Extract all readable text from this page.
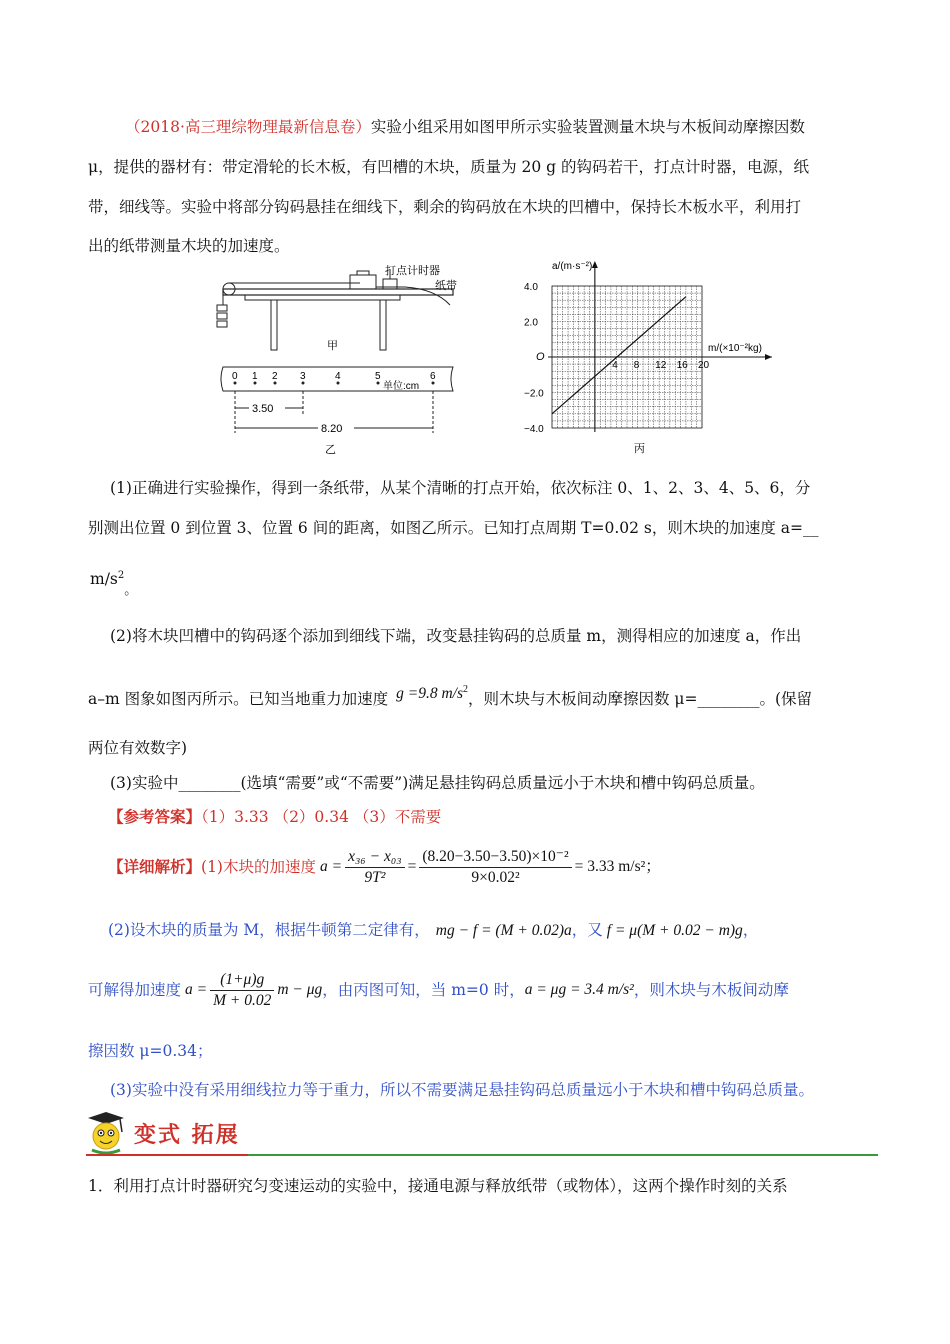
（2018·高三理综物理最新信息卷）实验小组采用如图甲所示实验装置测量木块与木板间动摩擦因数
μ，提供的器材有：带定滑轮的长木板，有凹槽的木块，质量为 20 g 的钩码若干，打点计时器，电源，纸
带，细线等。实验中将部分钩码悬挂在细线下，剩余的钩码放在木块的凹槽中，保持长木板水平，利用打
出的纸带测量木块的加速度。
打点计时器
纸带
甲
0 1 2 3	4	5	6
单位:cm
3.50
8.20
乙
a/(m·s⁻²)
m/(×10⁻²kg)
O
4 8 12 16 20
4.0
2.0
−2.0
−4.0
丙
(1)正确进行实验操作，得到一条纸带，从某个清晰的打点开始，依次标注 0、1、2、3、4、5、6，分
别测出位置 0 到位置 3、位置 6 间的距离，如图乙所示。已知打点周期 T=0.02 s，则木块的加速度 a=__
$m/s^2_。$
(2)将木块凹槽中的钩码逐个添加到细线下端，改变悬挂钩码的总质量 m，测得相应的加速度 a，作出
a–m 图象如图丙所示。已知当地重力加速度 g =9.8 $m/s^2$，则木块与木板间动摩擦因数 μ=________。(保留
两位有效数字)
(3)实验中________(选填“需要”或“不需要”)满足悬挂钩码总质量远小于木块和槽中钩码总质量。
【参考答案】（1）3.33 （2）0.34 （3）不需要
【详细解析】 (1)木块的加速度 $a = \frac{\text{x₃₆ − x₀₃}}{\text{9T²}} = \frac{\text{(8.20−3.50−3.50)×10⁻²}}{\text{9×0.02²}} = 3.33$ m/s²；
(2)设木块的质量为 M，根据牛顿第二定律有， mg − f = (M + 0.02)a，又 f = μ(M + 0.02 − m)g，
可解得加速度 $a = \frac{(1+\mu)g}{M + 0.02}$ m − μg ，由丙图可知，当 m=0 时， a = μg = 3.4 m/s² ，则木块与木板间动摩
擦因数 μ=0.34；
(3)实验中没有采用细线拉力等于重力，所以不需要满足悬挂钩码总质量远小于木块和槽中钩码总质量。
变式 拓展
1．利用打点计时器研究匀变速运动的实验中，接通电源与释放纸带（或物体），这两个操作时刻的关系
